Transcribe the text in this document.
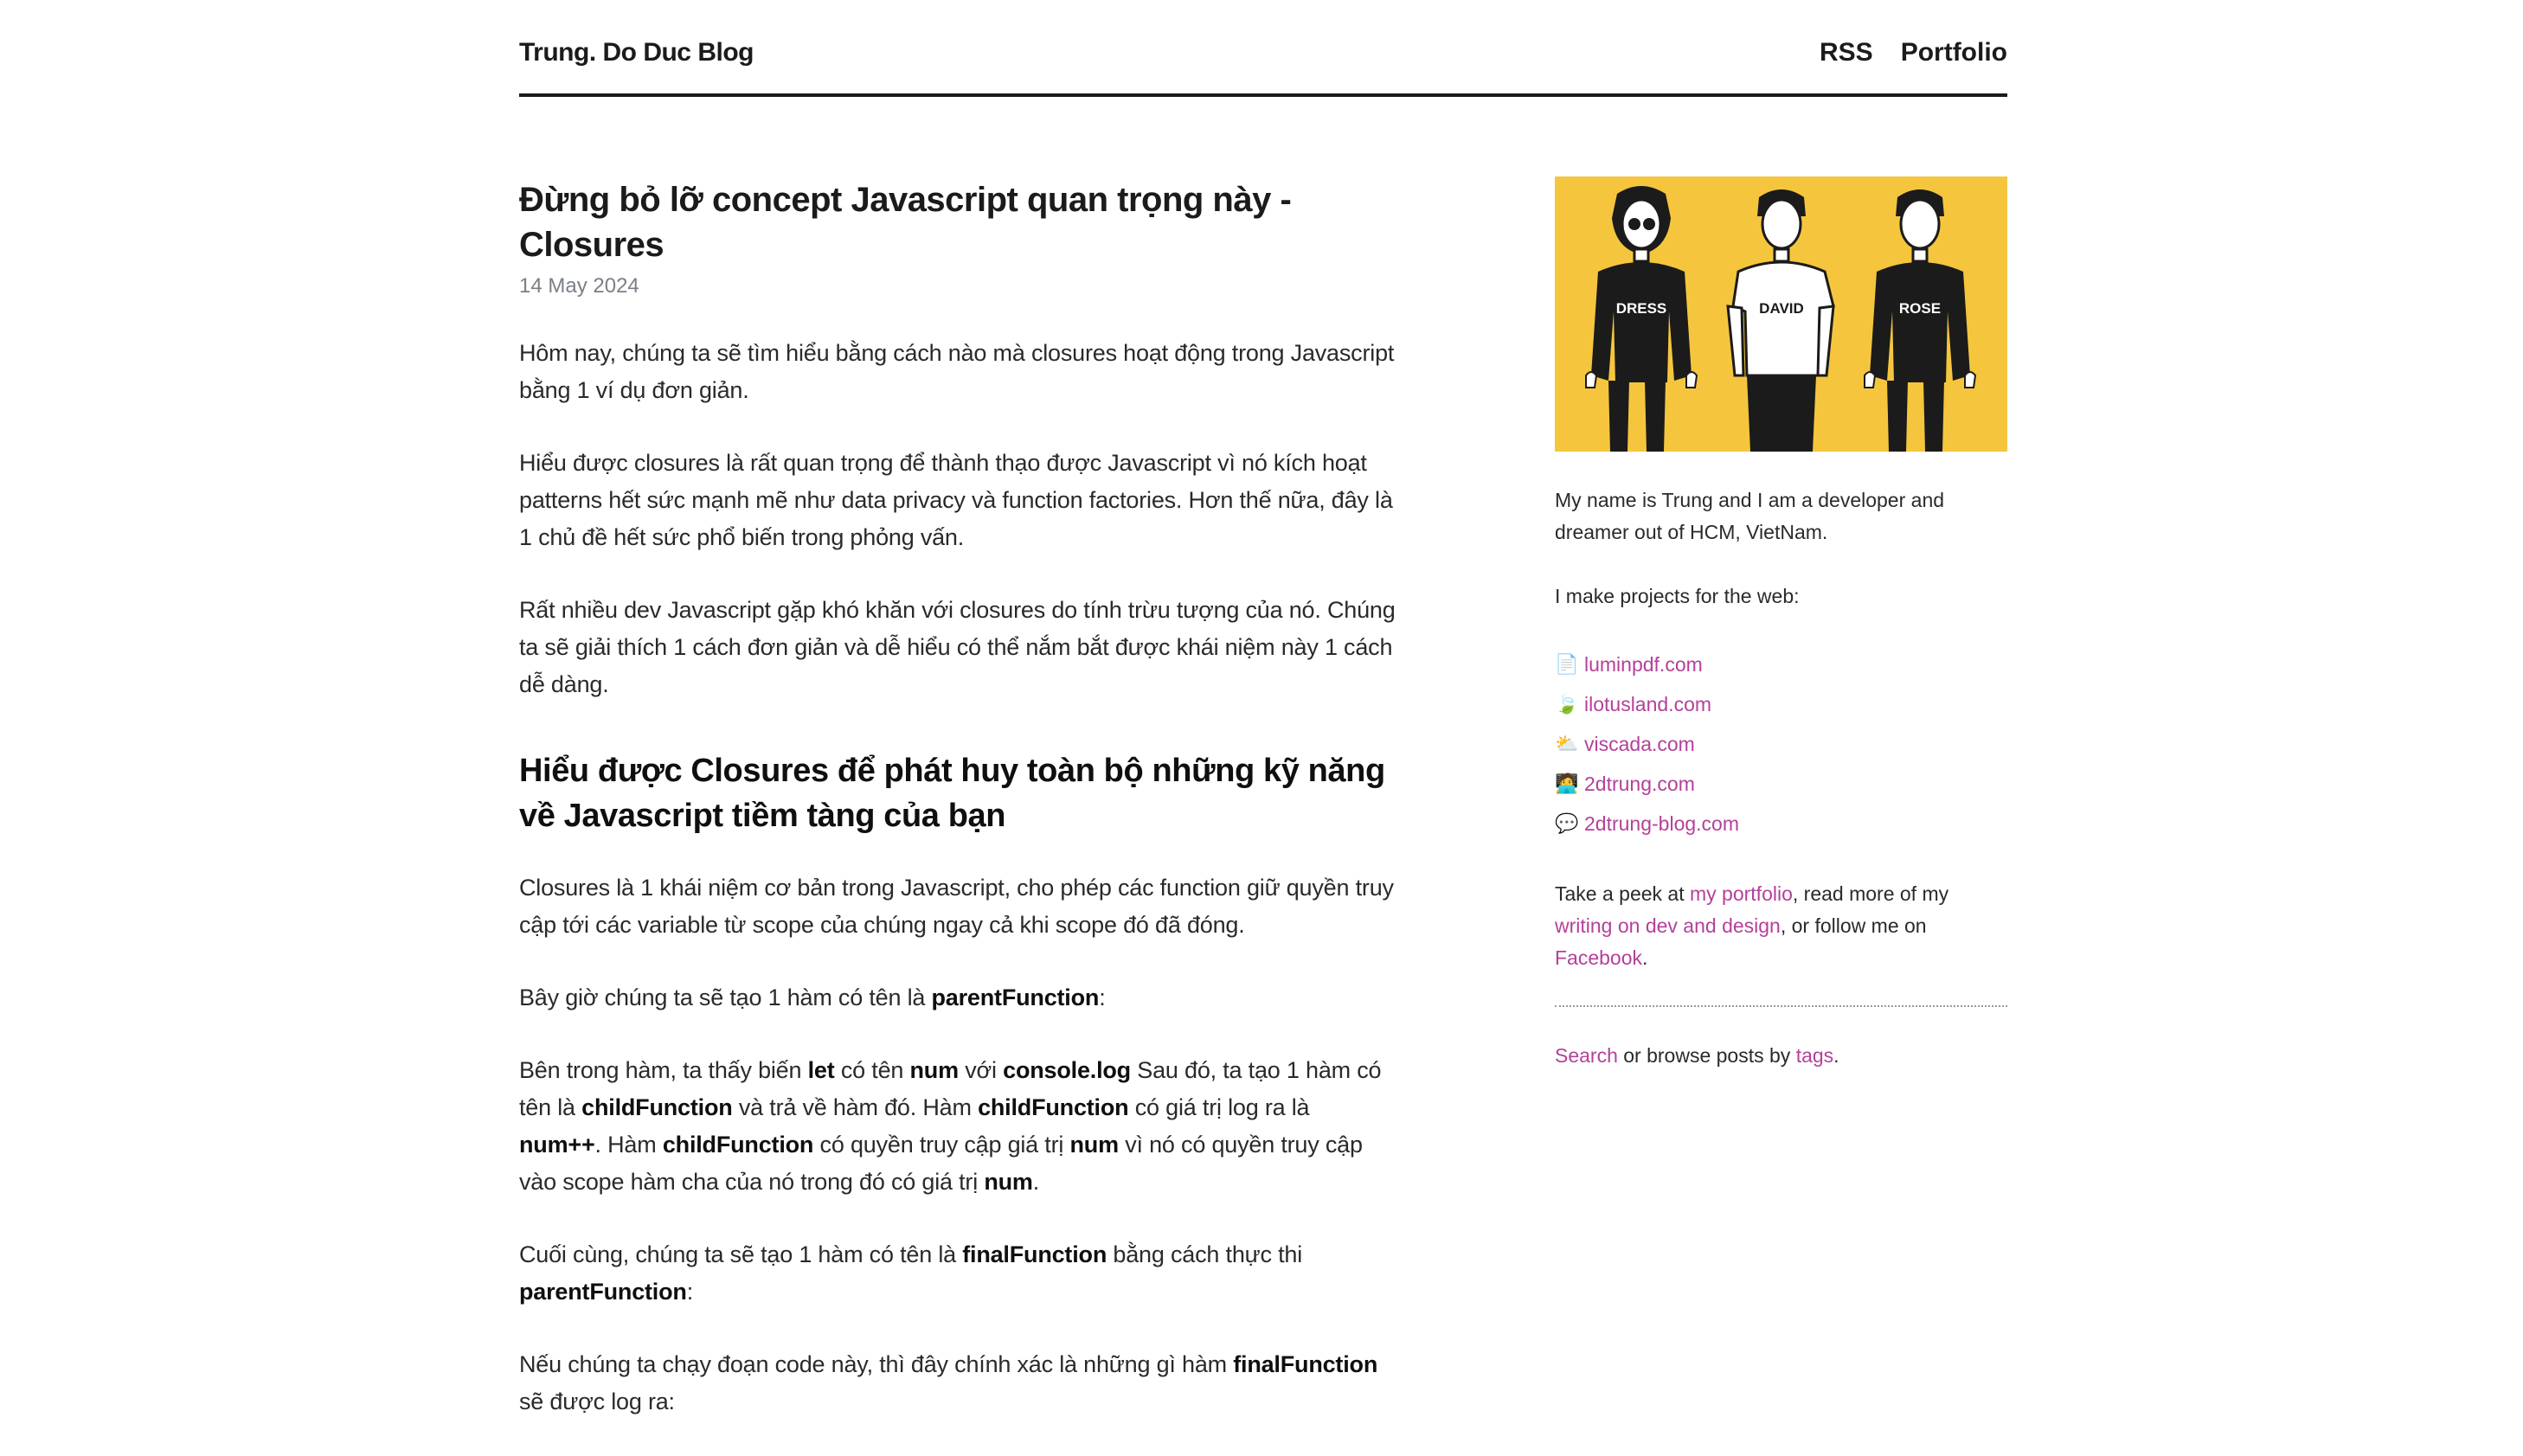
Trung. Do Duc Blog	RSS Portfolio
Đừng bỏ lỡ concept Javascript quan trọng này - Closures
14 May 2024

Hôm nay, chúng ta sẽ tìm hiểu bằng cách nào mà closures hoạt động trong Javascript bằng 1 ví dụ đơn giản.

Hiểu được closures là rất quan trọng để thành thạo được Javascript vì nó kích hoạt patterns hết sức mạnh mẽ như data privacy và function factories. Hơn thế nữa, đây là 1 chủ đề hết sức phổ biến trong phỏng vấn.

Rất nhiều dev Javascript gặp khó khăn với closures do tính trừu tượng của nó. Chúng ta sẽ giải thích 1 cách đơn giản và dễ hiểu có thể nắm bắt được khái niệm này 1 cách dễ dàng.

Hiểu được Closures để phát huy toàn bộ những kỹ năng về Javascript tiềm tàng của bạn

Closures là 1 khái niệm cơ bản trong Javascript, cho phép các function giữ quyền truy cập tới các variable từ scope của chúng ngay cả khi scope đó đã đóng.

Bây giờ chúng ta sẽ tạo 1 hàm có tên là parentFunction:

Bên trong hàm, ta thấy biến let có tên num với console.log Sau đó, ta tạo 1 hàm có tên là childFunction và trả về hàm đó. Hàm childFunction có giá trị log ra là num++. Hàm childFunction có quyền truy cập giá trị num vì nó có quyền truy cập vào scope hàm cha của nó trong đó có giá trị num.

Cuối cùng, chúng ta sẽ tạo 1 hàm có tên là finalFunction bằng cách thực thi parentFunction:

Nếu chúng ta chạy đoạn code này, thì đây chính xác là những gì hàm finalFunction sẽ được log ra:

DRESS	DAVID	ROSE

My name is Trung and I am a developer and dreamer out of HCM, VietNam.

I make projects for the web:

📄 luminpdf.com
🍃 ilotusland.com
⛅ viscada.com
🧑‍💻 2dtrung.com
💬 2dtrung-blog.com

Take a peek at my portfolio, read more of my writing on dev and design, or follow me on Facebook.

Search or browse posts by tags.
